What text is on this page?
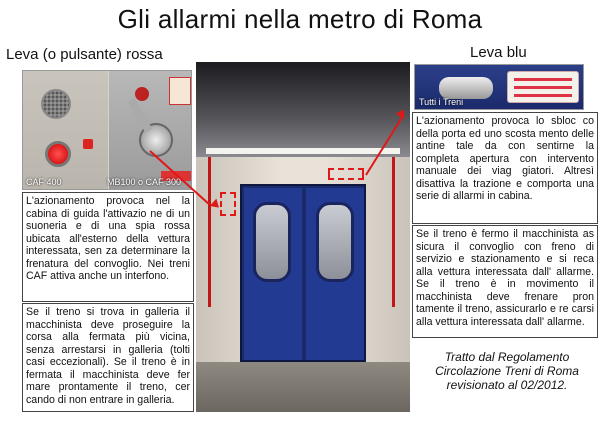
Gli allarmi nella metro di Roma
Leva (o pulsante) rossa
CAF 400	MB100 o CAF 300
L'azionamento provoca nel la cabina di guida l'attivazio ne di un suoneria e di una spia rossa ubicata all'esterno della vettura interessata, sen za determinare la frenatura del convoglio. Nei treni CAF attiva anche un interfono.
Se il treno si trova in galleria il macchinista deve proseguire la corsa alla fermata più vicina, senza arrestarsi in galleria (tolti casi eccezionali). Se il treno è in fermata il macchinista deve fer mare prontamente il treno, cer cando di non entrare in galleria.
Leva blu
Tutti i Treni
L'azionamento provoca lo sbloc co della porta ed uno scosta mento delle antine tale da con sentirne la completa apertura con intervento manuale dei viag giatori. Altresì disattiva la trazione e comporta una serie di allarmi in cabina.
Se il treno è fermo il macchinista as sicura il convoglio con freno di servizio e stazionamento e si reca alla vettura interessata dall' allarme. Se il treno è in movimento il macchinista deve frenare pron tamente il treno, assicurarlo e re carsi alla vettura interessata dall' allarme.
Tratto dal Regolamento
Circolazione Treni di Roma
revisionato al 02/2012.
